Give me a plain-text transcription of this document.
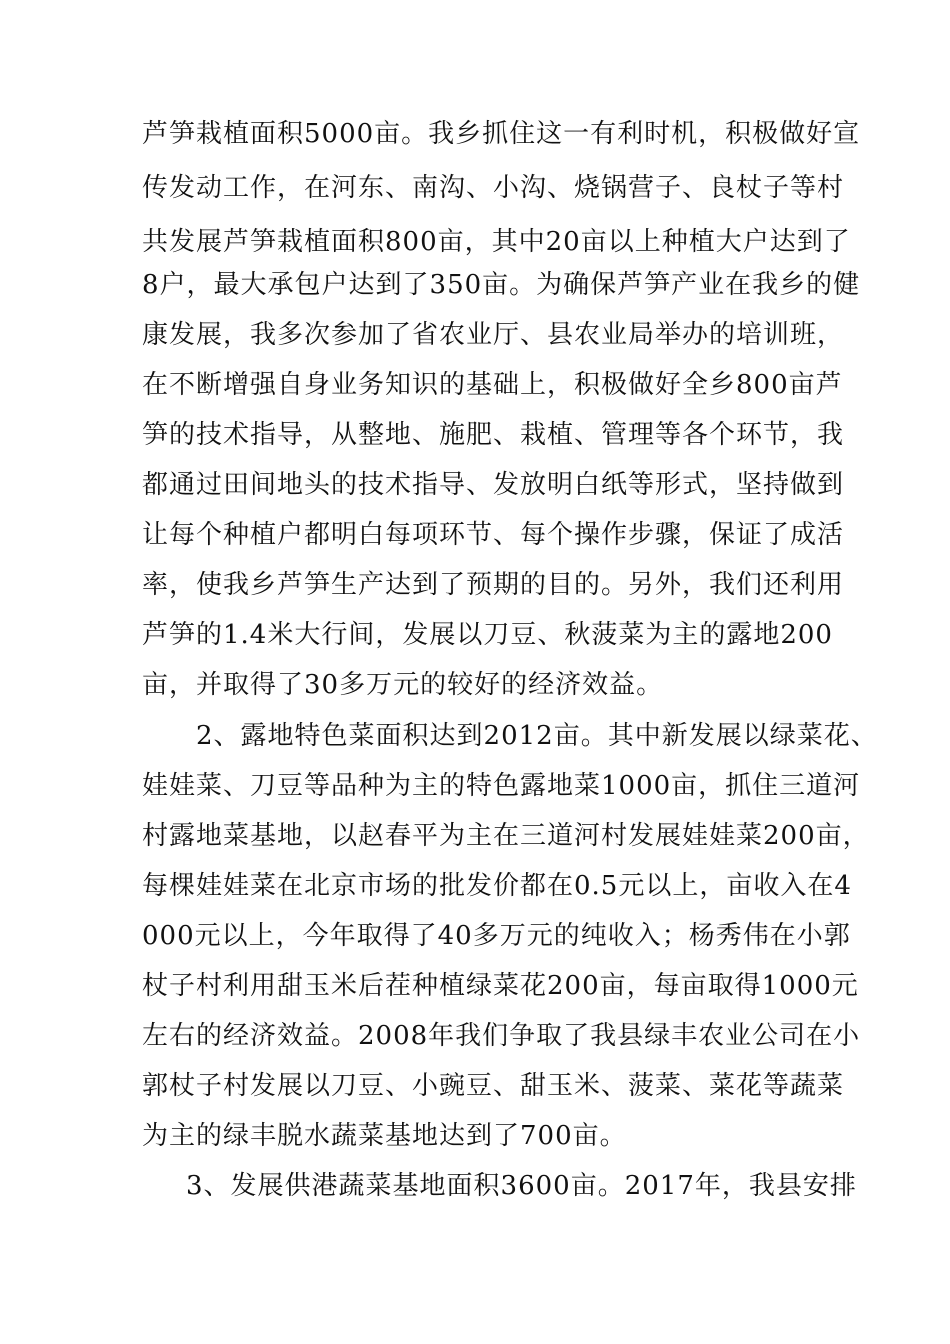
芦笋栽植面积5000亩。我乡抓住这一有利时机，积极做好宣
传发动工作，在河东、南沟、小沟、烧锅营子、良杖子等村
共发展芦笋栽植面积800亩，其中20亩以上种植大户达到了
8户，最大承包户达到了350亩。为确保芦笋产业在我乡的健
康发展，我多次参加了省农业厅、县农业局举办的培训班，
在不断增强自身业务知识的基础上，积极做好全乡800亩芦
笋的技术指导，从整地、施肥、栽植、管理等各个环节，我
都通过田间地头的技术指导、发放明白纸等形式，坚持做到
让每个种植户都明白每项环节、每个操作步骤，保证了成活
率，使我乡芦笋生产达到了预期的目的。另外，我们还利用
芦笋的1.4米大行间，发展以刀豆、秋菠菜为主的露地200
亩，并取得了30多万元的较好的经济效益。
2、露地特色菜面积达到2012亩。其中新发展以绿菜花、
娃娃菜、刀豆等品种为主的特色露地菜1000亩，抓住三道河
村露地菜基地，以赵春平为主在三道河村发展娃娃菜200亩，
每棵娃娃菜在北京市场的批发价都在0.5元以上，亩收入在4
000元以上，今年取得了40多万元的纯收入；杨秀伟在小郭
杖子村利用甜玉米后茬种植绿菜花200亩，每亩取得1000元
左右的经济效益。2008年我们争取了我县绿丰农业公司在小
郭杖子村发展以刀豆、小豌豆、甜玉米、菠菜、菜花等蔬菜
为主的绿丰脱水蔬菜基地达到了700亩。
3、发展供港蔬菜基地面积3600亩。2017年，我县安排
